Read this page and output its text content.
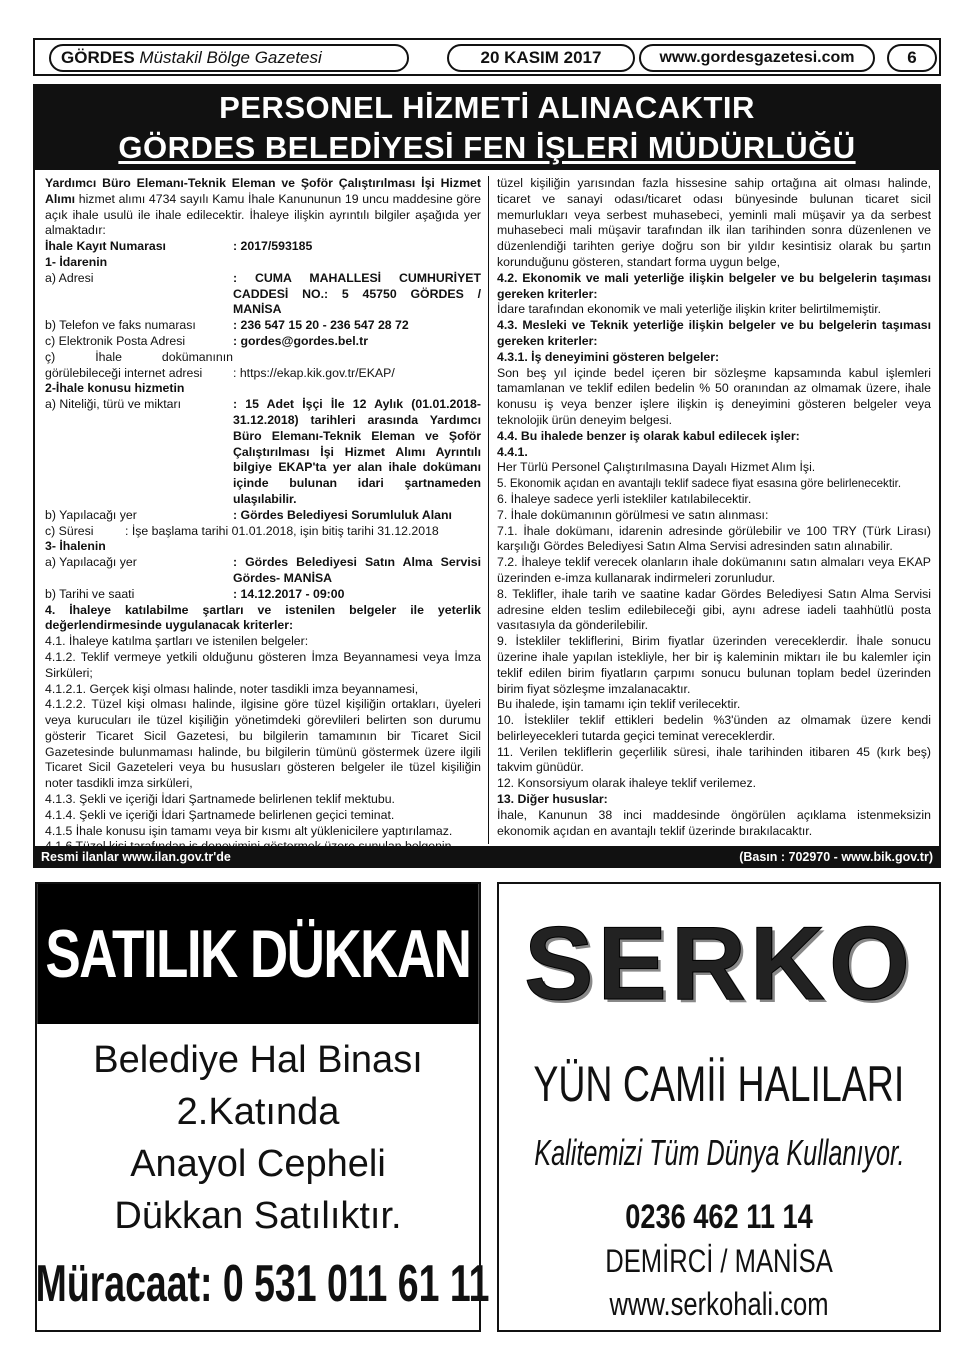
GÖRDES Müstakil Bölge Gazetesi	20 KASIM 2017	www.gordesgazetesi.com	6
PERSONEL HİZMETİ ALINACAKTIR
GÖRDES BELEDİYESİ FEN İŞLERİ MÜDÜRLÜĞÜ

Yardımcı Büro Elemanı-Teknik Eleman ve Şoför Çalıştırılması İşi Hizmet Alımı hizmet alımı 4734 sayılı Kamu İhale Kanununun 19 uncu maddesine göre açık ihale usulü ile ihale edilecektir. İhaleye ilişkin ayrıntılı bilgiler aşağıda yer almaktadır:

İhale Kayıt Numarası	: 2017/593185
1- İdarenin
a) Adresi	: CUMA MAHALLESİ CUMHURİYET CADDESİ NO.: 5 45750 GÖRDES / MANİSA
b) Telefon ve faks numarası	: 236 547 15 20 - 236 547 28 72
c) Elektronik Posta Adresi	: gordes@gordes.bel.tr
ç) İhale dokümanının görülebileceği internet adresi	: https://ekap.kik.gov.tr/EKAP/
2-İhale konusu hizmetin
a) Niteliği, türü ve miktarı	: 15 Adet İşçi İle 12 Aylık (01.01.2018-31.12.2018) tarihleri arasında Yardımcı Büro Elemanı-Teknik Eleman ve Şoför Çalıştırılması İşi Hizmet Alımı Ayrıntılı bilgiye EKAP'ta yer alan ihale dokümanı içinde bulunan idari şartnameden ulaşılabilir.
b) Yapılacağı yer	: Gördes Belediyesi Sorumluluk Alanı
c) Süresi	: İşe başlama tarihi 01.01.2018, işin bitiş tarihi 31.12.2018
3- İhalenin
a) Yapılacağı yer	: Gördes Belediyesi Satın Alma Servisi Gördes- MANİSA
b) Tarihi ve saati	: 14.12.2017 - 09:00
4. İhaleye katılabilme şartları ve istenilen belgeler ile yeterlik değerlendirmesinde uygulanacak kriterler:

4.1. İhaleye katılma şartları ve istenilen belgeler:

4.1.2. Teklif vermeye yetkili olduğunu gösteren İmza Beyannamesi veya İmza Sirküleri;

4.1.2.1. Gerçek kişi olması halinde, noter tasdikli imza beyannamesi,

4.1.2.2. Tüzel kişi olması halinde, ilgisine göre tüzel kişiliğin ortakları, üyeleri veya kurucuları ile tüzel kişiliğin yönetimdeki görevlileri belirten son durumu gösterir Ticaret Sicil Gazetesi, bu bilgilerin tamamının bir Ticaret Sicil Gazetesinde bulunmaması halinde, bu bilgilerin tümünü göstermek üzere ilgili Ticaret Sicil Gazeteleri veya bu hususları gösteren belgeler ile tüzel kişiliğin noter tasdikli imza sirküleri,

4.1.3. Şekli ve içeriği İdari Şartnamede belirlenen teklif mektubu.

4.1.4. Şekli ve içeriği İdari Şartnamede belirlenen geçici teminat.

4.1.5 İhale konusu işin tamamı veya bir kısmı alt yüklenicilere yaptırılamaz.

tüzel kişiliğin yarısından fazla hissesine sahip ortağına ait olması halinde, ticaret ve sanayi odası/ticaret odası bünyesinde bulunan ticaret sicil memurlukları veya serbest muhasebeci, yeminli mali müşavir ya da serbest muhasebeci mali müşavir tarafından ilk ilan tarihinden sonra düzenlenen ve düzenlendiği tarihten geriye doğru son bir yıldır kesintisiz olarak bu şartın korunduğunu gösteren, standart forma uygun belge,

4.2. Ekonomik ve mali yeterliğe ilişkin belgeler ve bu belgelerin taşıması gereken kriterler:

İdare tarafından ekonomik ve mali yeterliğe ilişkin kriter belirtilmemiştir.

4.3. Mesleki ve Teknik yeterliğe ilişkin belgeler ve bu belgelerin taşıması gereken kriterler:
4.3.1. İş deneyimini gösteren belgeler:

Son beş yıl içinde bedel içeren bir sözleşme kapsamında kabul işlemleri tamamlanan ve teklif edilen bedelin % 50 oranından az olmamak üzere, ihale konusu iş veya benzer işlere ilişkin iş deneyimini gösteren belgeler veya teknolojik ürün deneyim belgesi.

4.4. Bu ihalede benzer iş olarak kabul edilecek işler:
4.4.1.

Her Türlü Personel Çalıştırılmasına Dayalı Hizmet Alım İşi.

5. Ekonomik açıdan en avantajlı teklif sadece fiyat esasına göre belirlenecektir.

6. İhaleye sadece yerli istekliler katılabilecektir.

7. İhale dokümanının görülmesi ve satın alınması:

7.1. İhale dokümanı, idarenin adresinde görülebilir ve 100 TRY (Türk Lirası) karşılığı Gördes Belediyesi Satın Alma Servisi adresinden satın alınabilir.

7.2. İhaleye teklif verecek olanların ihale dokümanını satın almaları veya EKAP üzerinden e-imza kullanarak indirmeleri zorunludur.

8. Teklifler, ihale tarih ve saatine kadar Gördes Belediyesi Satın Alma Servisi adresine elden teslim edilebileceği gibi, aynı adrese iadeli taahhütlü posta vasıtasıyla da gönderilebilir.

9. İstekliler tekliflerini, Birim fiyatlar üzerinden vereceklerdir. İhale sonucu üzerine ihale yapılan istekliyle, her bir iş kaleminin miktarı ile bu kalemler için teklif edilen birim fiyatların çarpımı sonucu bulunan toplam bedel üzerinden birim fiyat sözleşme imzalanacaktır.

Bu ihalede, işin tamamı için teklif verilecektir.

10. İstekliler teklif ettikleri bedelin %3'ünden az olmamak üzere kendi belirleyecekleri tutarda geçici teminat vereceklerdir.

11. Verilen tekliflerin geçerlilik süresi, ihale tarihinden itibaren 45 (kırk beş) takvim günüdür.

12. Konsorsiyum olarak ihaleye teklif verilemez.

13. Diğer hususlar:

İhale, Kanunun 38 inci maddesinde öngörülen açıklama istenmeksizin ekonomik açıdan en avantajlı teklif üzerinde bırakılacaktır.

Resmi ilanlar www.ilan.gov.tr'de	(Basın : 702970 - www.bik.gov.tr)
SATILIK DÜKKAN
Belediye Hal Binası
2.Katında
Anayol Cepheli
Dükkan Satılıktır.
Müracaat: 0 531 011 61 11
SERKO
YÜN CAMİİ HALILARI
Kalitemizi Tüm Dünya Kullanıyor.
0236 462 11 14
DEMİRCİ / MANİSA
www.serkohali.com
